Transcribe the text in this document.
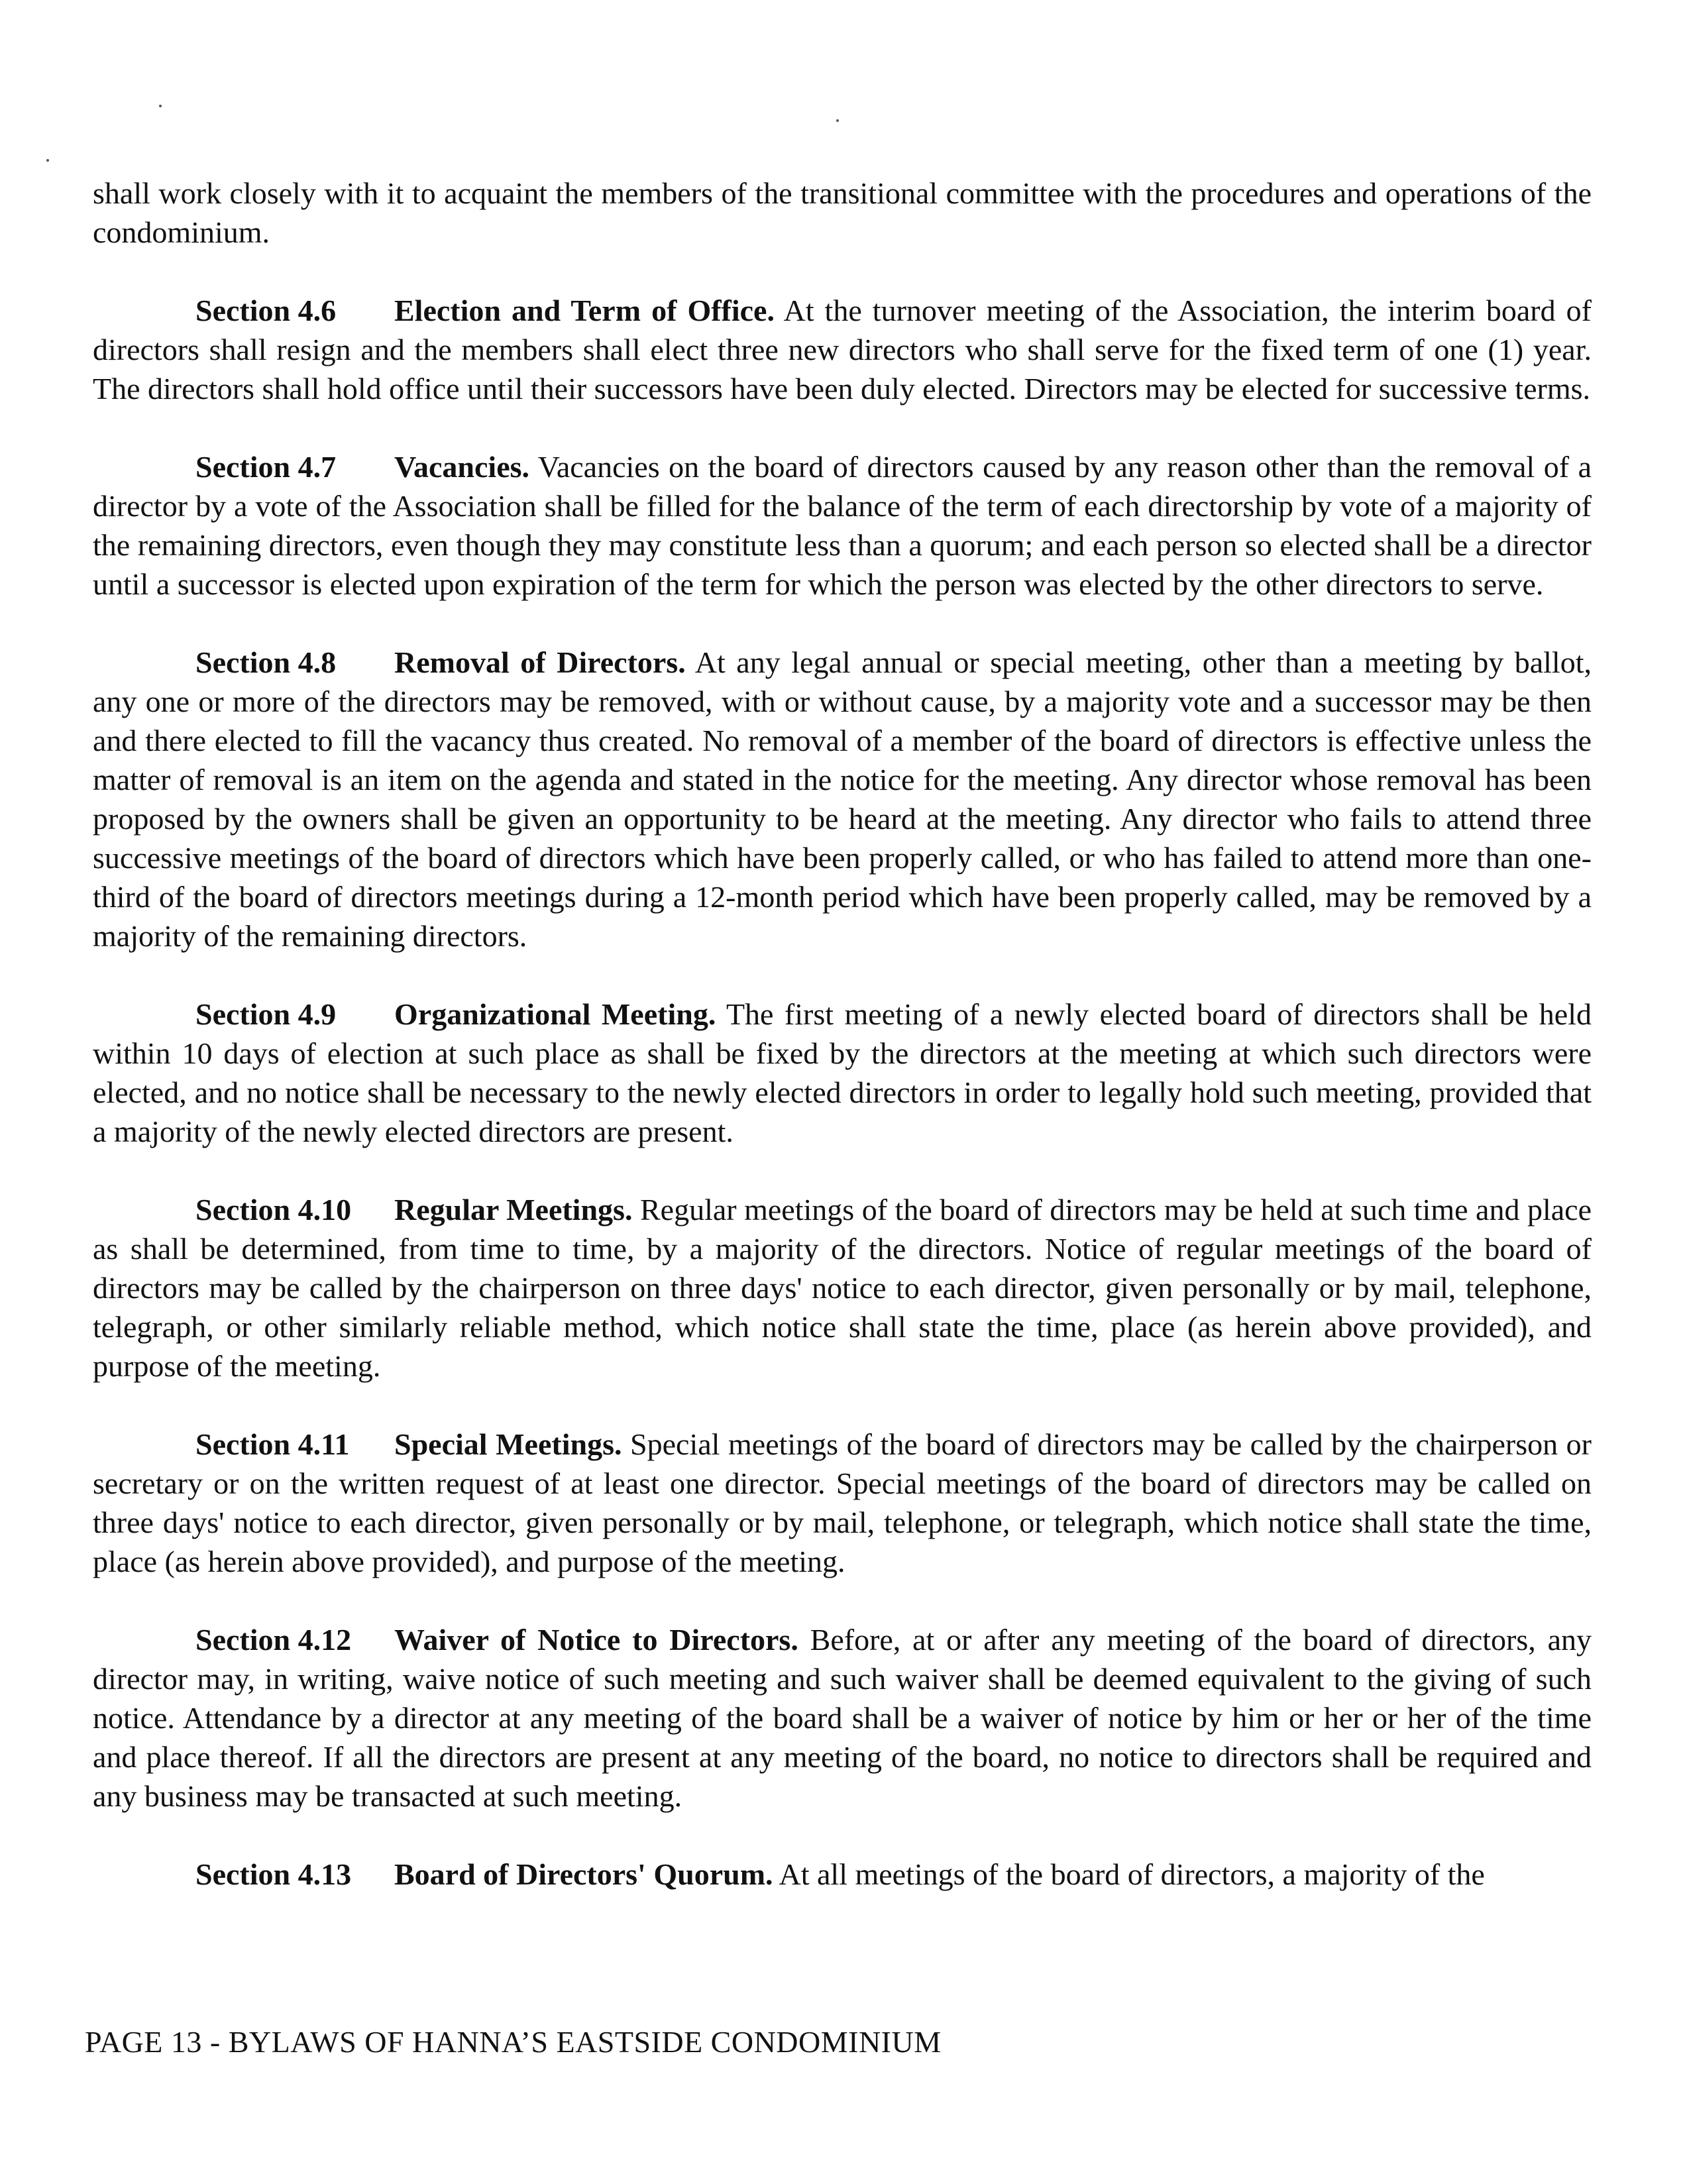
shall work closely with it to acquaint the members of the transitional committee with the procedures and operations of the condominium.

Section 4.6 Election and Term of Office. At the turnover meeting of the Association, the interim board of directors shall resign and the members shall elect three new directors who shall serve for the fixed term of one (1) year. The directors shall hold office until their successors have been duly elected. Directors may be elected for successive terms.

Section 4.7 Vacancies. Vacancies on the board of directors caused by any reason other than the removal of a director by a vote of the Association shall be filled for the balance of the term of each directorship by vote of a majority of the remaining directors, even though they may constitute less than a quorum; and each person so elected shall be a director until a successor is elected upon expiration of the term for which the person was elected by the other directors to serve.

Section 4.8 Removal of Directors. At any legal annual or special meeting, other than a meeting by ballot, any one or more of the directors may be removed, with or without cause, by a majority vote and a successor may be then and there elected to fill the vacancy thus created. No removal of a member of the board of directors is effective unless the matter of removal is an item on the agenda and stated in the notice for the meeting. Any director whose removal has been proposed by the owners shall be given an opportunity to be heard at the meeting. Any director who fails to attend three successive meetings of the board of directors which have been properly called, or who has failed to attend more than one-third of the board of directors meetings during a 12-month period which have been properly called, may be removed by a majority of the remaining directors.

Section 4.9 Organizational Meeting. The first meeting of a newly elected board of directors shall be held within 10 days of election at such place as shall be fixed by the directors at the meeting at which such directors were elected, and no notice shall be necessary to the newly elected directors in order to legally hold such meeting, provided that a majority of the newly elected directors are present.

Section 4.10 Regular Meetings. Regular meetings of the board of directors may be held at such time and place as shall be determined, from time to time, by a majority of the directors. Notice of regular meetings of the board of directors may be called by the chairperson on three days' notice to each director, given personally or by mail, telephone, telegraph, or other similarly reliable method, which notice shall state the time, place (as herein above provided), and purpose of the meeting.

Section 4.11 Special Meetings. Special meetings of the board of directors may be called by the chairperson or secretary or on the written request of at least one director. Special meetings of the board of directors may be called on three days' notice to each director, given personally or by mail, telephone, or telegraph, which notice shall state the time, place (as herein above provided), and purpose of the meeting.

Section 4.12 Waiver of Notice to Directors. Before, at or after any meeting of the board of directors, any director may, in writing, waive notice of such meeting and such waiver shall be deemed equivalent to the giving of such notice. Attendance by a director at any meeting of the board shall be a waiver of notice by him or her or her of the time and place thereof. If all the directors are present at any meeting of the board, no notice to directors shall be required and any business may be transacted at such meeting.

Section 4.13 Board of Directors' Quorum. At all meetings of the board of directors, a majority of the

PAGE 13 - BYLAWS OF HANNA’S EASTSIDE CONDOMINIUM
